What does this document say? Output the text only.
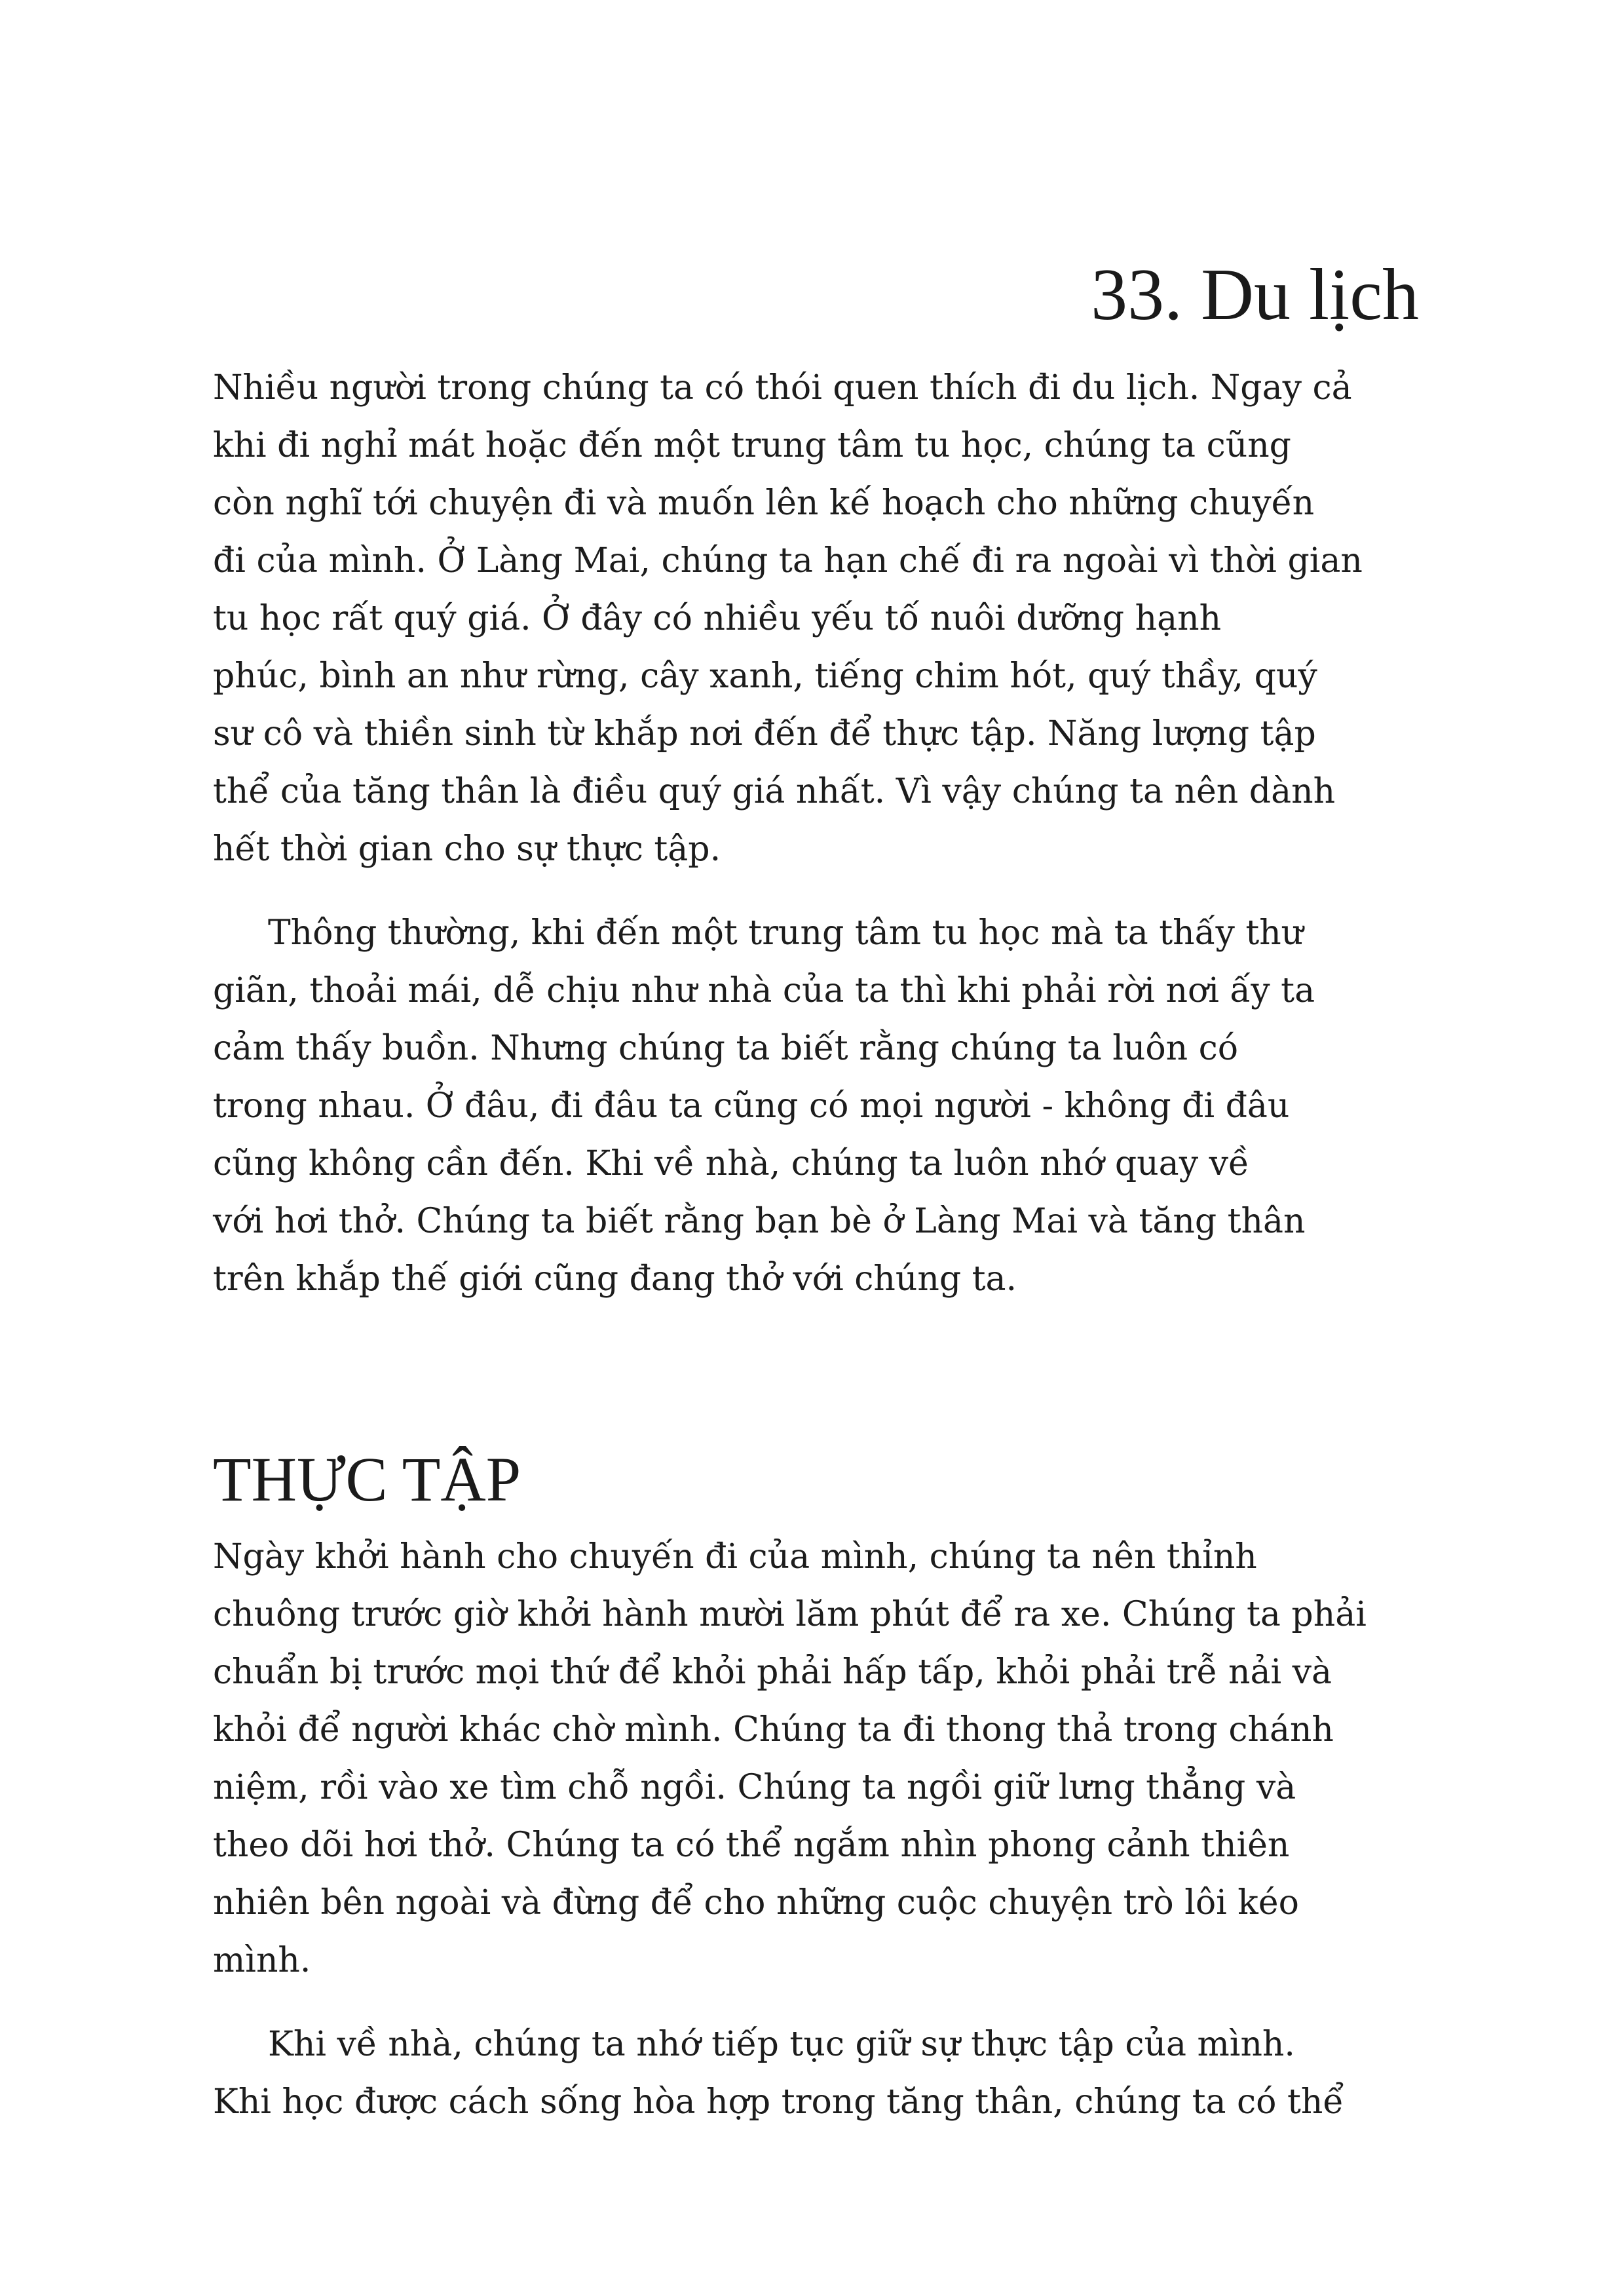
33. Du lịch

Nhiều người trong chúng ta có thói quen thích đi du lịch. Ngay cả
khi đi nghỉ mát hoặc đến một trung tâm tu học, chúng ta cũng
còn nghĩ tới chuyện đi và muốn lên kế hoạch cho những chuyến
đi của mình. Ở Làng Mai, chúng ta hạn chế đi ra ngoài vì thời gian
tu học rất quý giá. Ở đây có nhiều yếu tố nuôi dưỡng hạnh
phúc, bình an như rừng, cây xanh, tiếng chim hót, quý thầy, quý
sư cô và thiền sinh từ khắp nơi đến để thực tập. Năng lượng tập
thể của tăng thân là điều quý giá nhất. Vì vậy chúng ta nên dành
hết thời gian cho sự thực tập.

Thông thường, khi đến một trung tâm tu học mà ta thấy thư
giãn, thoải mái, dễ chịu như nhà của ta thì khi phải rời nơi ấy ta
cảm thấy buồn. Nhưng chúng ta biết rằng chúng ta luôn có
trong nhau. Ở đâu, đi đâu ta cũng có mọi người - không đi đâu
cũng không cần đến. Khi về nhà, chúng ta luôn nhớ quay về
với hơi thở. Chúng ta biết rằng bạn bè ở Làng Mai và tăng thân
trên khắp thế giới cũng đang thở với chúng ta.

THỰC TẬP

Ngày khởi hành cho chuyến đi của mình, chúng ta nên thỉnh
chuông trước giờ khởi hành mười lăm phút để ra xe. Chúng ta phải
chuẩn bị trước mọi thứ để khỏi phải hấp tấp, khỏi phải trễ nải và
khỏi để người khác chờ mình. Chúng ta đi thong thả trong chánh
niệm, rồi vào xe tìm chỗ ngồi. Chúng ta ngồi giữ lưng thẳng và
theo dõi hơi thở. Chúng ta có thể ngắm nhìn phong cảnh thiên
nhiên bên ngoài và đừng để cho những cuộc chuyện trò lôi kéo
mình.

Khi về nhà, chúng ta nhớ tiếp tục giữ sự thực tập của mình.
Khi học được cách sống hòa hợp trong tăng thân, chúng ta có thể
